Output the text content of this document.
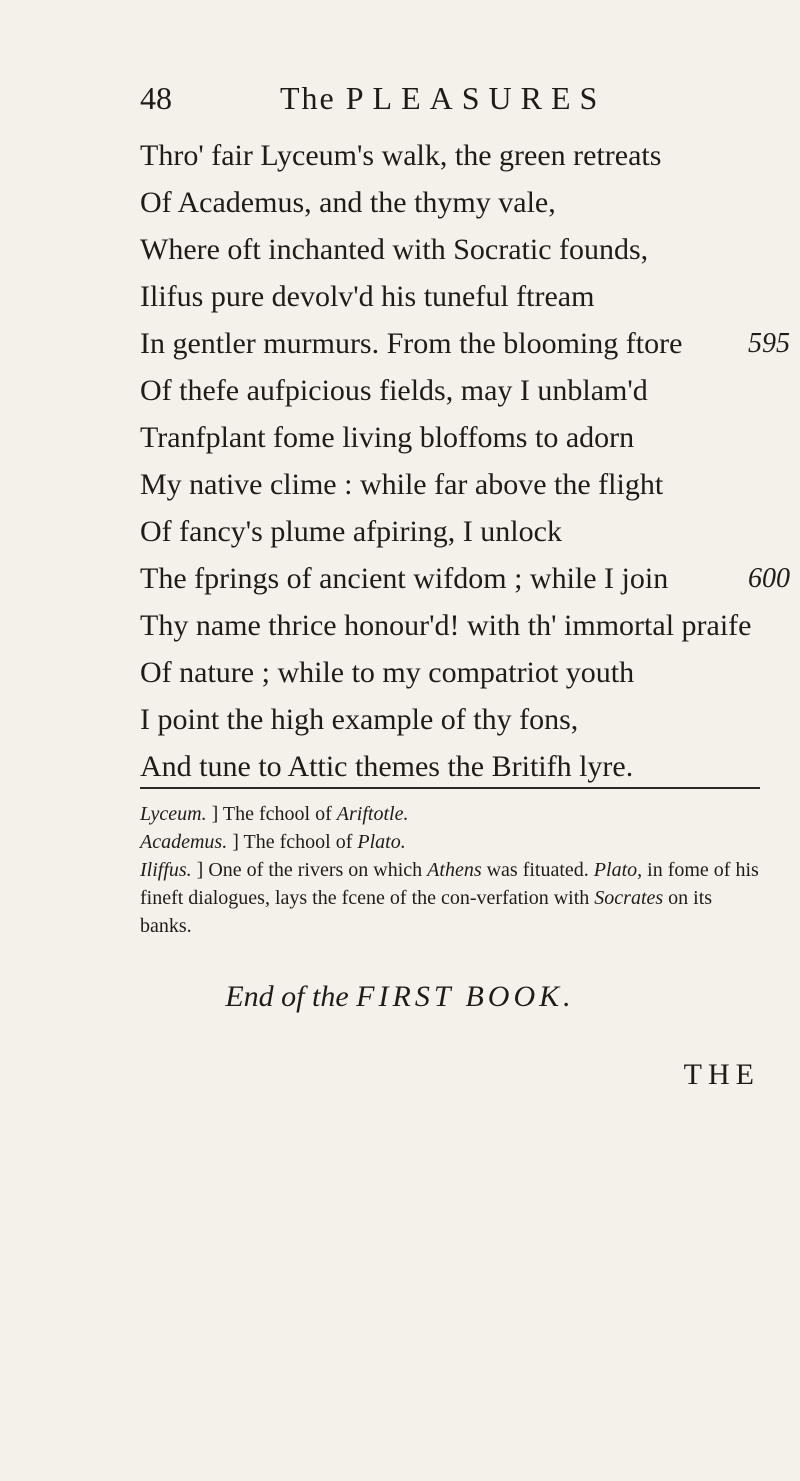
48	The PLEASURES
Thro' fair Lyceum's walk, the green retreats
Of Academus, and the thymy vale,
Where oft inchanted with Socratic founds,
Ilifus pure devolv'd his tuneful ftream
In gentler murmurs. From the blooming ftore 595
Of thefe aufpicious fields, may I unblam'd
Tranfplant fome living bloffoms to adorn
My native clime : while far above the flight
Of fancy's plume afpiring, I unlock
The fprings of ancient wifdom ; while I join	600
Thy name thrice honour'd! with th' immortal praife
Of nature ; while to my compatriot youth
I point the high example of thy fons,
And tune to Attic themes the Britifh lyre.

Lyceum. ] The fchool of Ariftotle.

Academus. ] The fchool of Plato.

Iliffus. ] One of the rivers on which Athens was fituated. Plato, in fome of his fineft dialogues, lays the fcene of the con-verfation with Socrates on its banks.

End of the FIRST BOOK.
THE
